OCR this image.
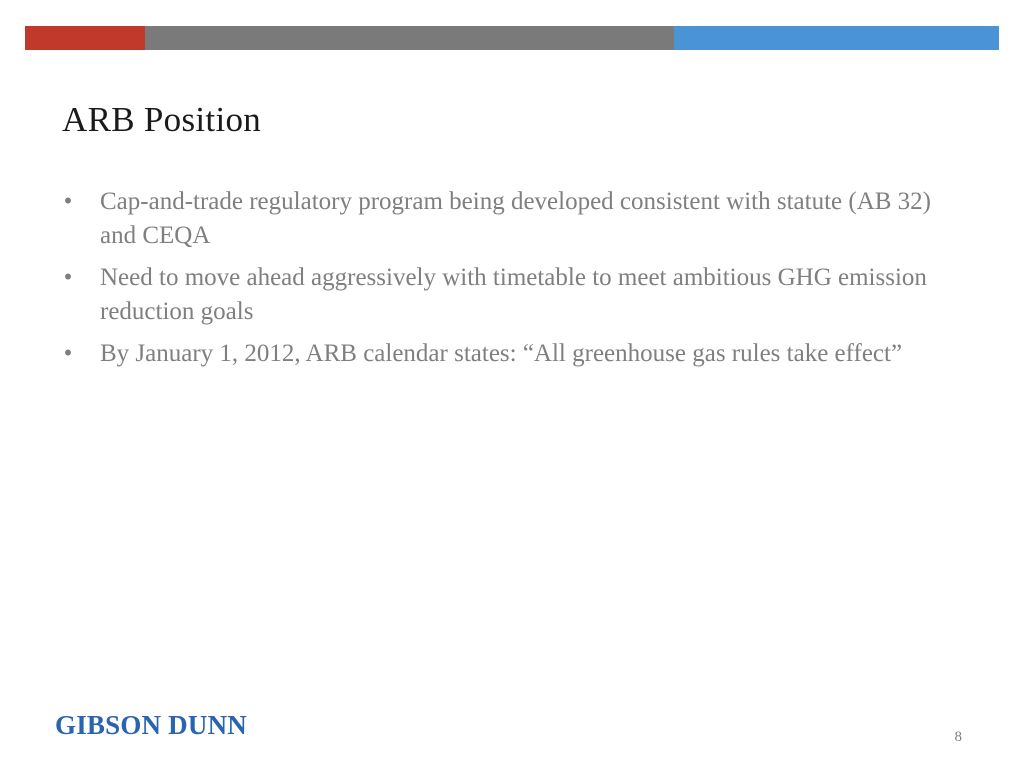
ARB Position
• Cap-and-trade regulatory program being developed consistent with statute (AB 32) and CEQA
• Need to move ahead aggressively with timetable to meet ambitious GHG emission reduction goals
• By January 1, 2012, ARB calendar states: “All greenhouse gas rules take effect”
GIBSON DUNN	8
